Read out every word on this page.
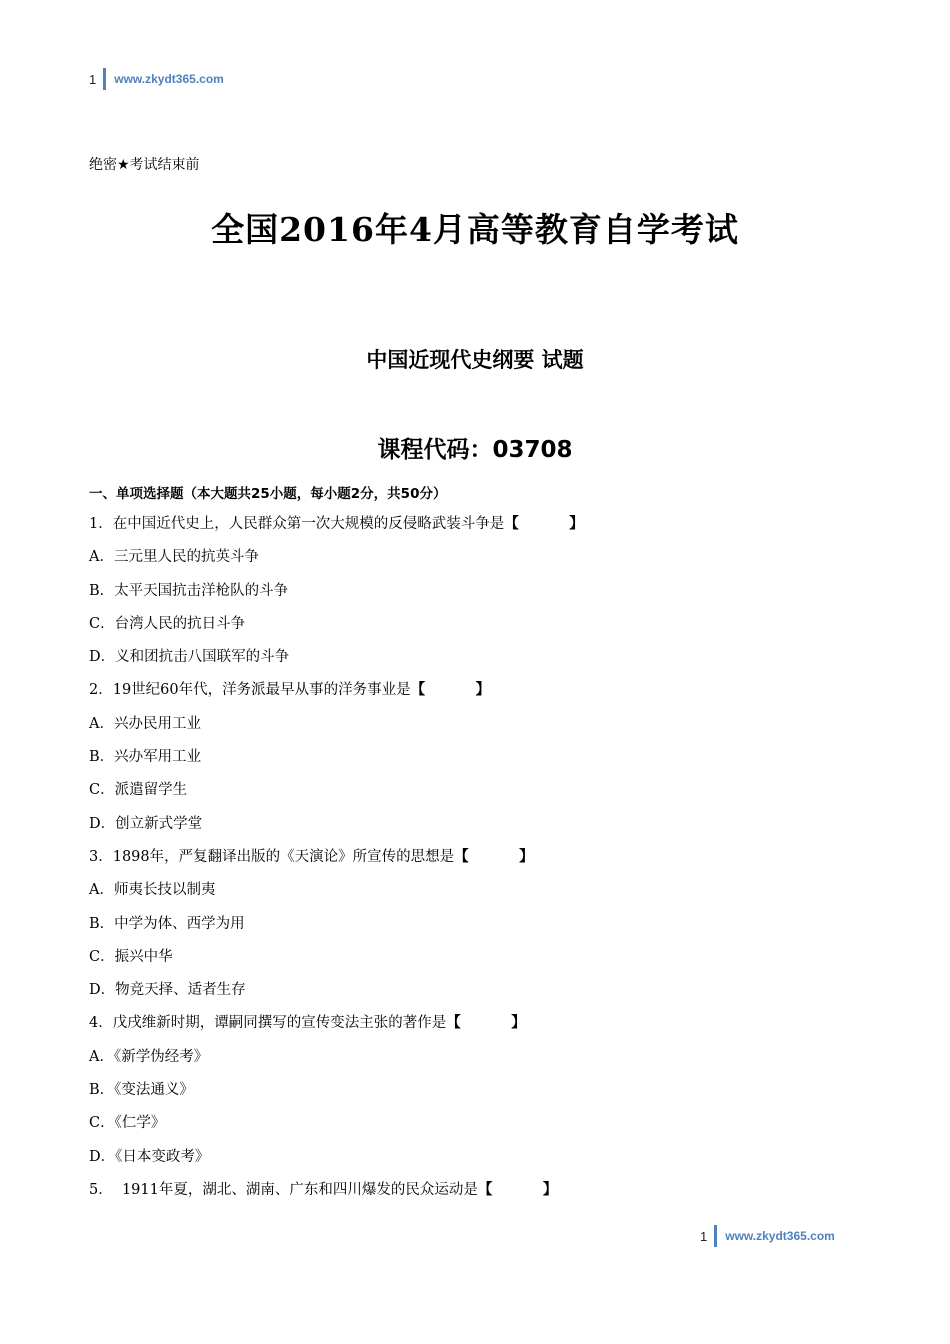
1 www.zkydt365.com
绝密★考试结束前
全国2016年4月高等教育自学考试
中国近现代史纲要 试题
课程代码：03708
一、单项选择题（本大题共25小题，每小题2分，共50分）
1．在中国近代史上，人民群众第一次大规模的反侵略武装斗争是【          】
A．三元里人民的抗英斗争
B．太平天国抗击洋枪队的斗争
C．台湾人民的抗日斗争
D．义和团抗击八国联军的斗争
2．19世纪60年代，洋务派最早从事的洋务事业是【          】
A．兴办民用工业
B．兴办军用工业
C．派遣留学生
D．创立新式学堂
3．1898年，严复翻译出版的《天演论》所宣传的思想是【          】
A．师夷长技以制夷
B．中学为体、西学为用
C．振兴中华
D．物竞天择、适者生存
4．戊戌维新时期，谭嗣同撰写的宣传变法主张的著作是【          】
A．《新学伪经考》
B．《变法通义》
C．《仁学》
D．《日本变政考》
5．  1911年夏，湖北、湖南、广东和四川爆发的民众运动是【          】
1 www.zkydt365.com
